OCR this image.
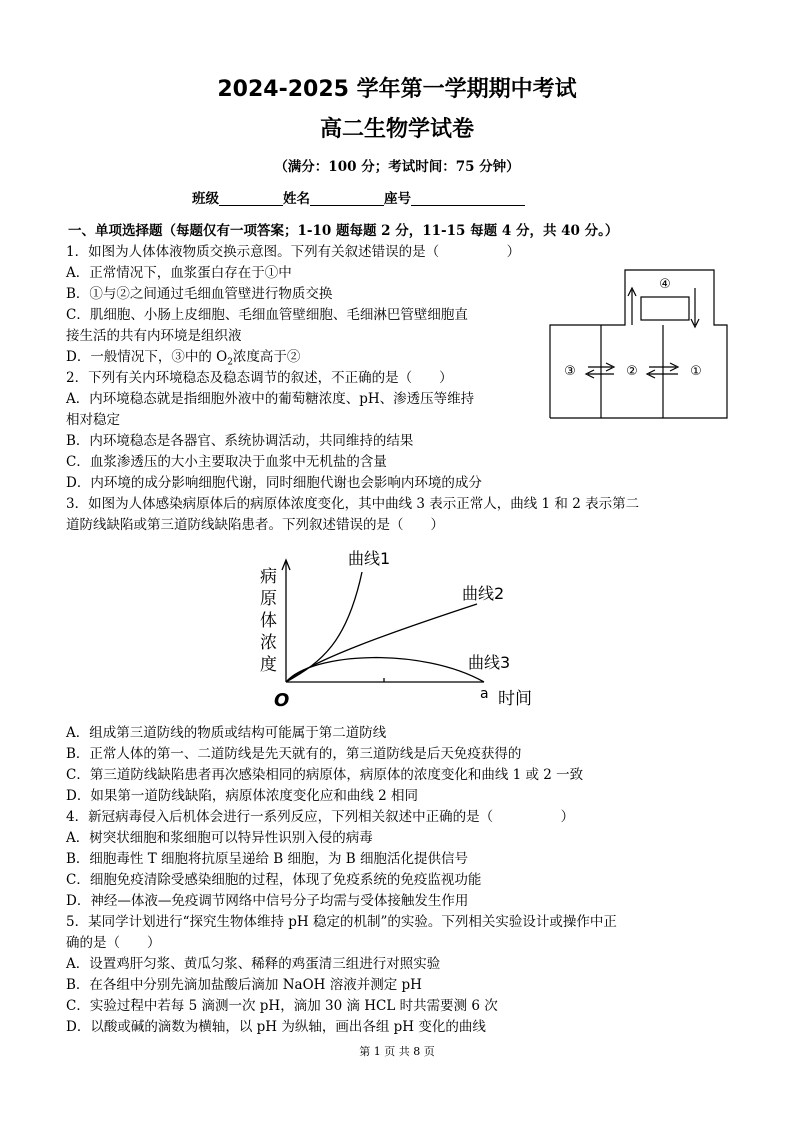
2024-2025 学年第一学期期中考试
高二生物学试卷
（满分：100 分；考试时间：75 分钟）
班级	姓名	座号
一、单项选择题（每题仅有一项答案；1-10 题每题 2 分，11-15 每题 4 分，共 40 分。）
1．如图为人体体液物质交换示意图。下列有关叙述错误的是（　　　　　）
A．正常情况下，血浆蛋白存在于①中
B．①与②之间通过毛细血管壁进行物质交换
C．肌细胞、小肠上皮细胞、毛细血管壁细胞、毛细淋巴管壁细胞直
接生活的共有内环境是组织液
D．一般情况下，③中的 $O_2$浓度高于②
③	②	①
④
2．下列有关内环境稳态及稳态调节的叙述，不正确的是（　　）
A．内环境稳态就是指细胞外液中的葡萄糖浓度、pH、渗透压等维持
相对稳定
B．内环境稳态是各器官、系统协调活动，共同维持的结果
C．血浆渗透压的大小主要取决于血浆中无机盐的含量
D．内环境的成分影响细胞代谢，同时细胞代谢也会影响内环境的成分
3．如图为人体感染病原体后的病原体浓度变化，其中曲线 3 表示正常人，曲线 1 和 2 表示第二
道防线缺陷或第三道防线缺陷患者。下列叙述错误的是（　　）
病
原
体
浓
度
O	a 时间
曲线1
曲线2
曲线3
A．组成第三道防线的物质或结构可能属于第二道防线
B．正常人体的第一、二道防线是先天就有的，第三道防线是后天免疫获得的
C．第三道防线缺陷患者再次感染相同的病原体，病原体的浓度变化和曲线 1 或 2 一致
D．如果第一道防线缺陷，病原体浓度变化应和曲线 2 相同
4．新冠病毒侵入后机体会进行一系列反应，下列相关叙述中正确的是（　　　　　）
A．树突状细胞和浆细胞可以特异性识别入侵的病毒
B．细胞毒性 T 细胞将抗原呈递给 B 细胞，为 B 细胞活化提供信号
C．细胞免疫清除受感染细胞的过程，体现了免疫系统的免疫监视功能
D．神经—体液—免疫调节网络中信号分子均需与受体接触发生作用
5．某同学计划进行“探究生物体维持 pH 稳定的机制”的实验。下列相关实验设计或操作中正
确的是（　　）
A．设置鸡肝匀浆、黄瓜匀浆、稀释的鸡蛋清三组进行对照实验
B．在各组中分别先滴加盐酸后滴加 NaOH 溶液并测定 pH
C．实验过程中若每 5 滴测一次 pH，滴加 30 滴 HCL 时共需要测 6 次
D．以酸或碱的滴数为横轴，以 pH 为纵轴，画出各组 pH 变化的曲线
第 1 页 共 8 页
